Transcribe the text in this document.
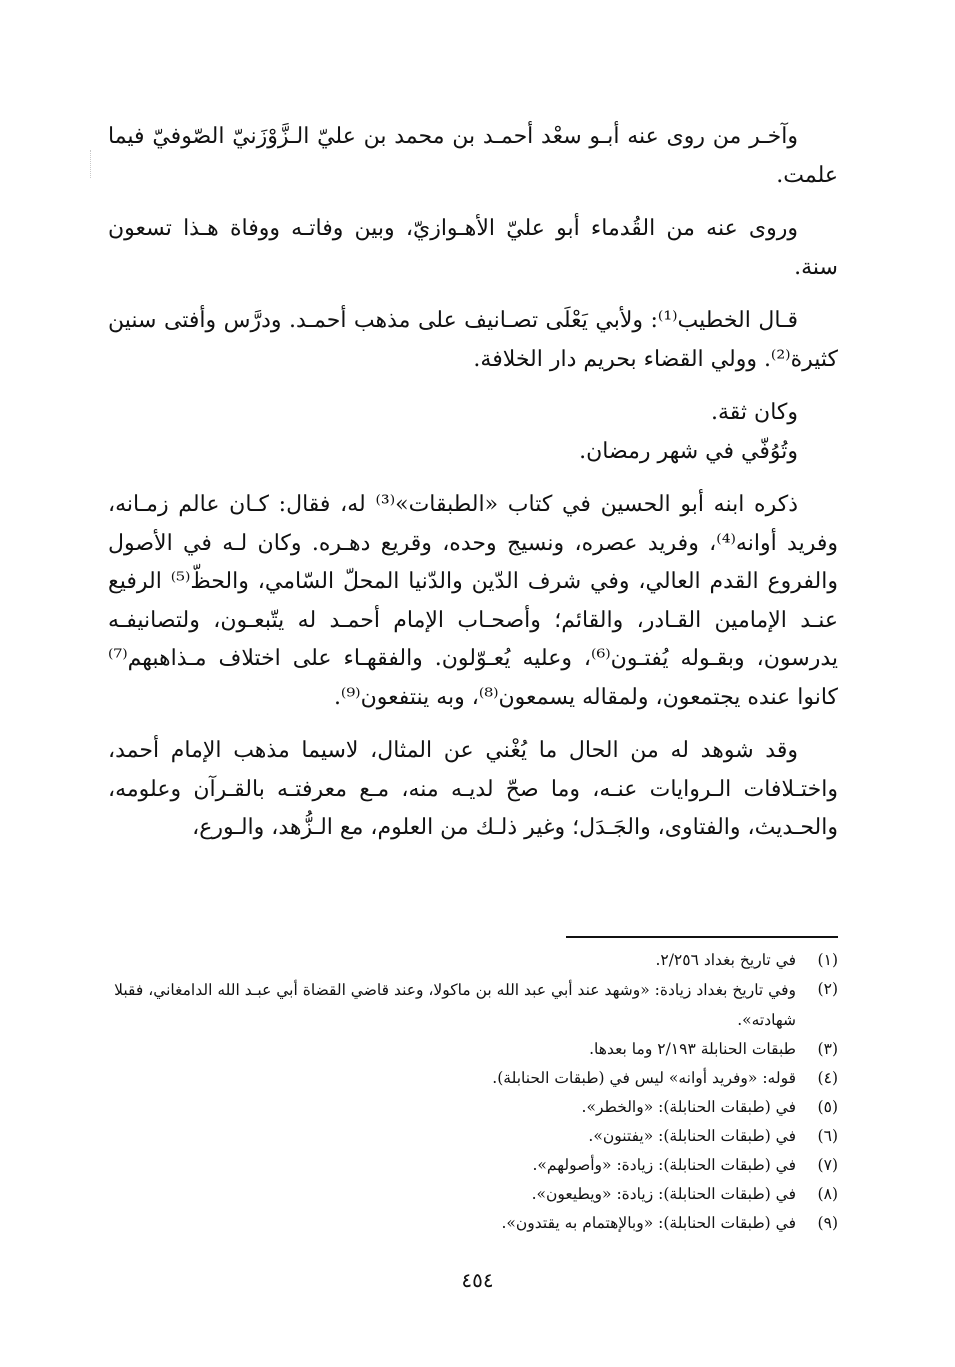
وآخـر من روى عنه أبـو سعْد أحمـد بن محمد بن عليّ الـزَّوْزَنيّ الصّوفيّ فيما علمت.

وروى عنه من القُدماء أبو عليّ الأهـوازيّ، وبين وفاتـه ووفاة هـذا تسعون سنة.

قـال الخطيب⁽¹⁾: ولأبي يَعْلَى تصـانيف على مذهب أحمـد. ودرَّس وأفتى سنين كثيرة⁽²⁾. وولي القضاء بحريم دار الخلافة.

وكان ثقة.

وتُوُفّي في شهر رمضان.

ذكره ابنه أبو الحسين في كتاب «الطبقات»⁽³⁾ له، فقال: كـان عالم زمـانه، وفريد أوانه⁽⁴⁾، وفريد عصره، ونسيج وحده، وقريع دهـره. وكان لـه في الأصول والفروع القدم العالي، وفي شرف الدّين والدّنيا المحلّ السّامي، والحظّ⁽⁵⁾ الرفيع عنـد الإمامين القـادر، والقائم؛ وأصحـاب الإمام أحمـد له يتّبعـون، ولتصانيفـه يدرسون، وبقـوله يُفتـون⁽⁶⁾، وعليه يُعـوّلون. والفقهـاء على اختلاف مـذاهبهم⁽⁷⁾ كانوا عنده يجتمعون، ولمقاله يسمعون⁽⁸⁾، وبه ينتفعون⁽⁹⁾.

وقد شوهد له من الحال ما يُغْني عن المثال، لاسيما مذهب الإمام أحمد، واختـلافات الـروايات عنـه، وما صحّ لديـه منه، مـع معرفتـه بالقـرآن وعلومه، والحـديث، والفتاوى، والجَـدَل؛ وغير ذلـك من العلوم، مع الـزُّهد، والـورع،

(١)
في تاريخ بغداد ٢/٢٥٦.
(٢)
وفي تاريخ بغداد زيادة: «وشهد عند أبي عبد الله بن ماكولا، وعند قاضي القضاة أبي عبـد الله الدامغاني، فقبلا شهادته».
(٣)
طبقات الحنابلة ٢/١٩٣ وما بعدها.
(٤)
قوله: «وفريد أوانه» ليس في (طبقات الحنابلة).
(٥)
في (طبقات الحنابلة): «والخطر».
(٦)
في (طبقات الحنابلة): «يفتنون».
(٧)
في (طبقات الحنابلة): زيادة: «وأصولهم».
(٨)
في (طبقات الحنابلة): زيادة: «ويطيعون».
(٩)
في (طبقات الحنابلة): «وبالإهتمام به يقتدون».
٤٥٤
